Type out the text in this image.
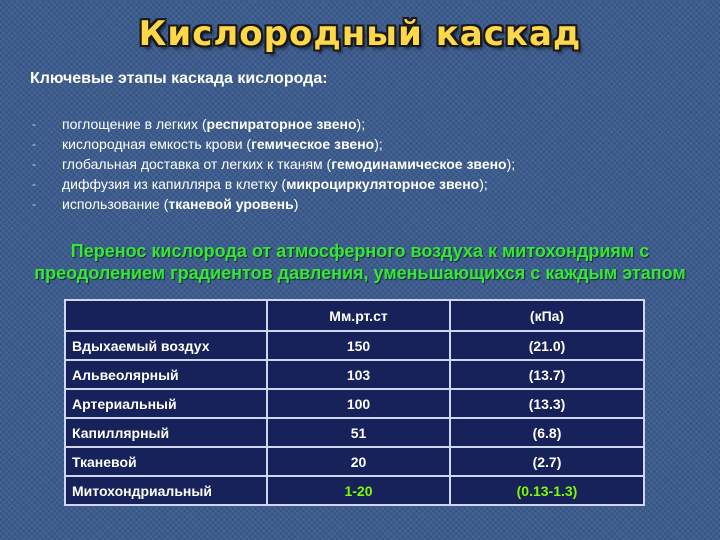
Кислородный каскад
Ключевые этапы каскада кислорода:
- поглощение в легких (респираторное звено);
- кислородная емкость крови (гемическое звено);
- глобальная доставка от легких к тканям (гемодинамическое звено);
- диффузия из капилляра в клетку (микроциркуляторное звено);
- использование (тканевой уровень)
Перенос кислорода от атмосферного воздуха к митохондриям с преодолением градиентов давления, уменьшающихся с каждым этапом
	Мм.рт.ст	(кПа)
Вдыхаемый воздух	150	(21.0)
Альвеолярный	103	(13.7)
Артериальный	100	(13.3)
Капиллярный	51	(6.8)
Тканевой	20	(2.7)
Митохондриальный	1-20	(0.13-1.3)
